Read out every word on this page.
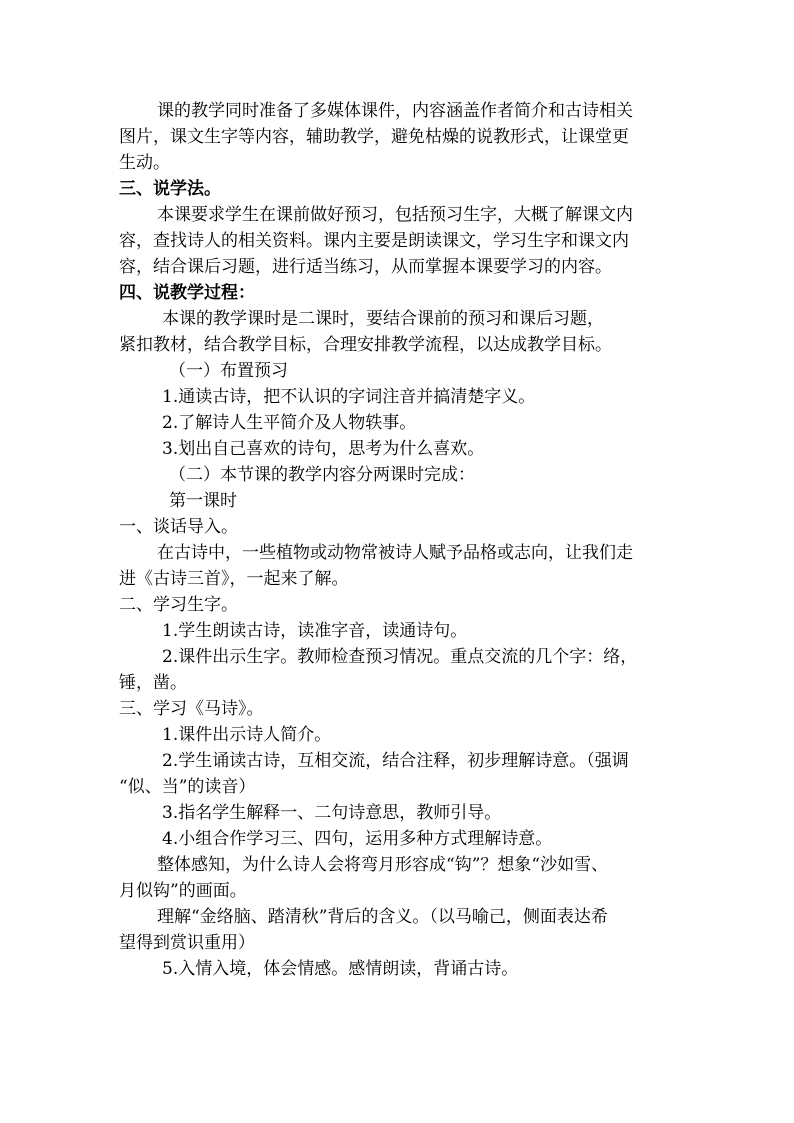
课的教学同时准备了多媒体课件，内容涵盖作者简介和古诗相关

图片，课文生字等内容，辅助教学，避免枯燥的说教形式，让课堂更

生动。

三、说学法。

本课要求学生在课前做好预习，包括预习生字，大概了解课文内

容，查找诗人的相关资料。课内主要是朗读课文，学习生字和课文内

容，结合课后习题，进行适当练习，从而掌握本课要学习的内容。

四、说教学过程：

本课的教学课时是二课时，要结合课前的预习和课后习题，

紧扣教材，结合教学目标，合理安排教学流程，以达成教学目标。

（一）布置预习

1.通读古诗，把不认识的字词注音并搞清楚字义。

2.了解诗人生平简介及人物轶事。

3.划出自己喜欢的诗句，思考为什么喜欢。

（二）本节课的教学内容分两课时完成：

第一课时

一、谈话导入。

在古诗中，一些植物或动物常被诗人赋予品格或志向，让我们走

进《古诗三首》，一起来了解。

二、学习生字。

1.学生朗读古诗，读准字音，读通诗句。

2.课件出示生字。教师检查预习情况。重点交流的几个字：络，

锤，凿。

三、学习《马诗》。

1.课件出示诗人简介。

2.学生诵读古诗，互相交流，结合注释，初步理解诗意。（强调

“似、当”的读音）

3.指名学生解释一、二句诗意思，教师引导。

4.小组合作学习三、四句，运用多种方式理解诗意。

整体感知，为什么诗人会将弯月形容成“钩”？想象“沙如雪、

月似钩”的画面。

理解“金络脑、踏清秋”背后的含义。（以马喻己，侧面表达希

望得到赏识重用）

5.入情入境，体会情感。感情朗读，背诵古诗。
